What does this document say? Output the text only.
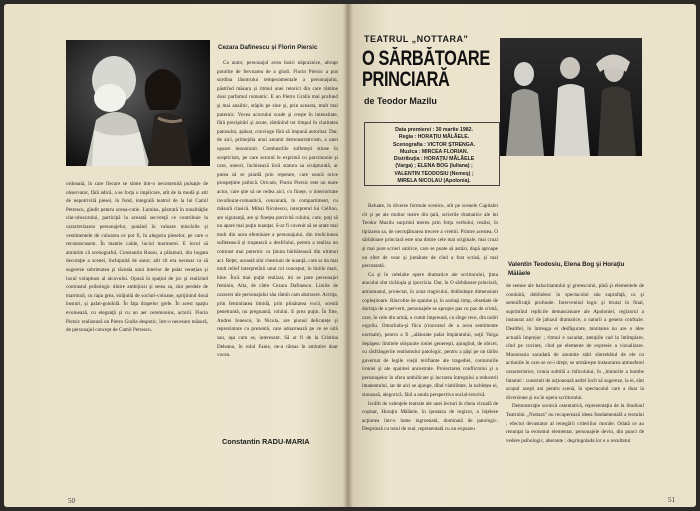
Cezara Dafinescu și Florin Piersic

Ca autor, personajul avea însiri năpraznice, abrupt potolite de fervoarea de a gîndi. Florin Piersic a pus surdina lăuntrului temperamentale a personajului, păstrînd măsura și ritmul unei retorici din care rămîne doar parfumul romantic. E un Pietro Gralla mai profund şi mai analitic, stăpîn pe sine şi, prin aceasta, mult mai puternic. Vocea actorului scade şi creşte în intensitate, fără precipitări şi acute, rămînînd tot timpul în claritatea patosului, apăsat, convinge fără să împună autoritar. Dar, de aici, primejdia unui anumit demonstrativism, a unei uşoare monotonii. Combustiile sufleteşti stinse în scepticism, pe care actorul le exprimă cu parcimonie şi care, uneori, închisează încă statura sa sculpturală, ar putea să se piardă prin repetare, care usucă orice prospeţime psihică. Oricum, Florin Piersic este un mare actor, care ştie să ne redea aici, cu finețe, o interioritate involburat-romantică, cenzurată, în compartiment, cu măsură clasică. Mihai Niculescu, interpretul lui Cellino, are siguranţă, are şi fineţea potrivită rolului, care, poţi să nu apare mai puţin nuanţat. S-ar fi cuvenit să se arate mai mult din acea efeminare a personajului, din moliciunea sufletească şi trupească a desfrîului, pentru a realiza un contrast mai puternic cu ţinuta bărbătească din ultimul act. Rețet, această sînt chestiuni de nuanţă, care ar da mai mult relief interpretării unui rol conceput, în liniile mari, bine. Încă mai puţin realizat, mi se pare personajul feminin, Alta, de către Cezara Dafinescu. Liniile de caracter ale personajului său rămîn cam abstracte. Actriţa, prin feminitatea timidă, prin plinătatea vocii, sceniă penetrantă, nu pregnantă, rolului. E prea puţin. În fine, Andrei Ionescu, în Nicola, are pionul delicatețe şi reprezintare cu prezentă, care adoarnează pe ce se uită sau, aşa cum se, interesant. Să ar fi de la Cristina Deleanu, în rolul Fanie, ne-a rămas în amintire doar vocea.

ordonată, în care fiecare se simte într-o necontenită pulsaţie de observator, fără adică, a se forţa o implicare, atît de la modă şi atît de nepotrivită piesei, în fond, integrală teatrul de la lui Camil Petrescu, gîndit pentru scena-cutie. Lumina, păstrată în tonalităţile clar-obscurului, participă la această secvenţă ce contribuie la caracterizarea personajelor, punând în valoare miscările şi vestimentele de culoarea ce pot fi, în alegoria pieselor, pe care o recunoscusem. În mantie calde, luciul marmorei. E locul să amintim că scenograful, Constantin Russu, a plăsmuit, din bogata decoraţie a scenei, închipuită de autor, atît cît era necesar ca să sugereze sobrietatea şi răceala unui interior de palat venețian şi luxul voluptuos al alcovului. Opusă în spaţiul de joc şi realizind contrastul psihologic dintre ambiţiozi şi setea sa, sînt perdele de marmură, cu rapa grea, străjuită de socluri-coloane, sprijinind două busturi, şi palat-gondolă. În faţa drapelor grele. În acest spaţiu evoluează, cu eleganţă şi cu un aer ceremonios, actorii. Florin Piersic realizează un Pietro Gralla despotic, într-o necesare măsură, de personajul concept de Camil Petrescu.

Constantin RADU-MARIA
50
TEATRUL „NOTTARA"
O SĂRBĂTOARE
PRINCIARĂ
de Teodor Mazilu
Data premierei : 30 martie 1982.
Regia : HORAŢIU MĂLĂELE.
Scenografia : VICTOR ŞTRENGA.
Muzica : MIRCEA FLORIAN.
Distribuţia : HORAŢIU MĂLĂELE
(Varga) ; ELENA BOG (Iuliana) ;
VALENTIN TEODOSIU (Nemeş) ;
MIRELA NICOLAU (Apolonia).
Valentin Teodosiu, Elena Bog şi Horaţiu Mălăele

Reluate, în diverse formule scenice, atît pe scenele Capitalei cît şi pe ale multor teatre din ţară, scrierile dramatice ale lui Teodor Mazilu surprind mereu prin forţa verbului, realist, în tipizarea sa, de necruţătoarea trecere a vremii. Printre acestea, O sărbătoare princiară este una dintre cele mai originale, mai cruzi şi mai pure scrieri satirice, care se poate să astăzi, după aproape un sfert de veac şi jumătate de cînd a fost scrisă, şi mai percutantă.

Ca şi în celelalte opere dramatice ale scriitorului, ţinta atacului sînt ticăloşia şi ipocrizia. Dar, în O sărbătoare princiară, antiumanul, proiectat, în zona tragicului, dobîndeşte dimensiuni copleşitoare. Răscolite de spaime şi, în acelaşi timp, obsedate de dorinţa de a pervertí, personajele se apropie pas cu pas de crimă, care, în cele din urmă, o comit împreună, cu sînge rece, din nobil orgoliu. Omorîndu-şi fiica (rinovatul de a avea sentimente normale), pentru a fi ,,alăturate palat împăratului, soţii Varga depăşesc limitele obişnuite ioniei genereşti, ajungînd, de obicei, cu răsfrângerile realismului patologic, pentru a păşi pe un tărîm guvernat de legile vieţii terifiante ale tragediei, contururile ironiei şi ale spaimei ancestrale. Proiectarea conflictului şi a personajelor în sfera umbilicate şi lucrarea întregului a reducerii imanentului, iar de aici se ajunge, dînd viabilitate, la nobleţea ei, sinuoasă, alegorică, fără a anula perspectiva social-istorică.

Iscălit de valenţele teatrale ale unei lecturi în cheia vizuală de coşmar, Horaţiu Mălăele, în ipostaza de regizor, a înţelese acţiunea într-o lume ingroenată, dominată de patologic. Desprinsă cu totul de real, reprezentată cu un expozeu

de semne ale halucinantului şi grotescului, pînă şi elementele de conduită, dobîndesc în spectacolul său suprafaţă, ca şi semnificaţii profunde. Intervenind logic şi brutal în final, suprimînd replicile demascatoare ale Apoloniei, regizorul a instaurat aici de jaluzul dramatice, a naturii a genera confuzie. Dealtfel, în întreaga ei desfăşurare, montarea nu are o idee actuală împrejur ; ritmul e sacadat, atenţiile cad la întîmplare, cînd pe cuvinte, cînd pe elemente de expresie a vizualizare. Monotonia sacadată de anumite stări sîntrebătul de ele cu actiunile în care se ce-i drept, se urmăreşte instaurarea atmosferei caracteristice, ironia subtilă a ridicolului, în ,,hinturile a bombe fataniei : construit de acţionează astfel încît să sugereze, la ei, sînt scopul aceşti ani pentru scenă, în spectacolul care a doar la diversiune şi nu în opera scriitorului.

Demonstraţie scenică ostentativă, reprezentaţia de la Studioul Teatrului ,,Nottara" nu recuperează ideea fundamentală a textului ; efectul devastator al renegării criteriilor morale. Odată ce au renunţat la eroismul elementar, personajele devin, din punct de vedere psihologic, aberante ; degringolada lor e o rezultatul

51
